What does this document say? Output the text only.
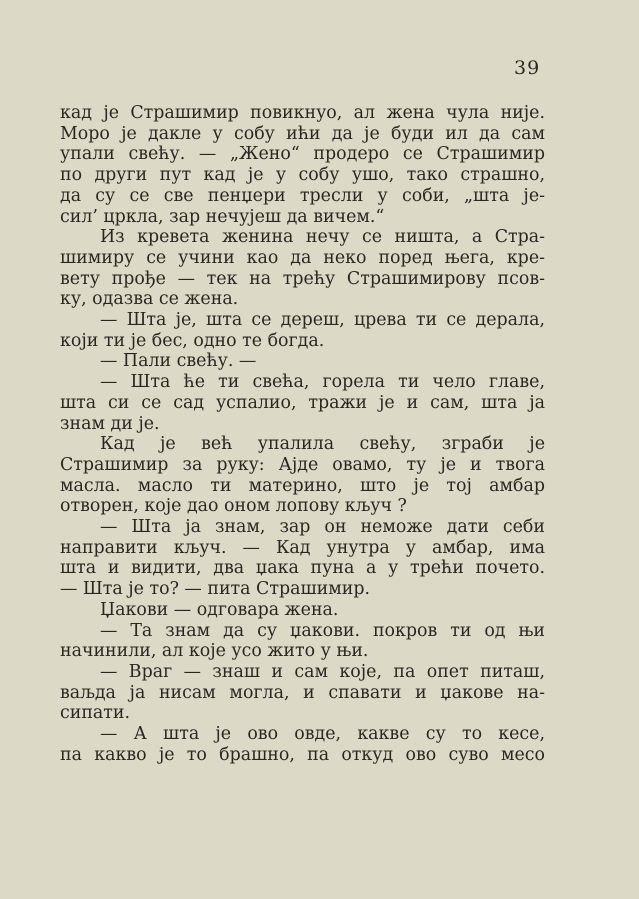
39
кад је Страшимир повикнуо, ал жена чула није.
Моро је дакле у собу ићи да је буди ил да сам
упали свећу. — „Жено“ продеро се Страшимир
по други пут кад је у собу ушо, тако страшно,
да су се све пенџери тресли у соби, „шта је-
сил’ цркла, зар нечујеш да вичем.“
Из кревета женина нечу се ништа, а Стра-
шимиру се учини као да неко поред њега, кре-
вету прође — тек на трећу Страшимирову псов-
ку, одазва се жена.
— Шта је, шта се дереш, црева ти се дерала,
који ти је бес, одно те богда.
— Пали свећу. —
— Шта ће ти свећа, горела ти чело главе,
шта си се сад успалио, тражи је и сам, шта ја
знам ди је.
Кад је већ упалила свећу, зграби је
Страшимир за руку: Ајде овамо, ту је и твога
масла. масло ти материно, што је тој амбар
отворен, које дао оном лопову кључ ?
— Шта ја знам, зар он неможе дати себи
направити кључ. — Кад унутра у амбар, има
шта и видити, два џака пуна а у трећи почето.
— Шта је то? — пита Страшимир.
Џакови — одговара жена.
— Та знам да су џакови. покров ти од њи
начинили, ал које усо жито у њи.
— Враг — знаш и сам које, па опет питаш,
ваљда ја нисам могла, и спавати и џакове на-
сипати.
— А шта је ово овде, какве су то кесе,
па какво је то брашно, па откуд ово суво месо
